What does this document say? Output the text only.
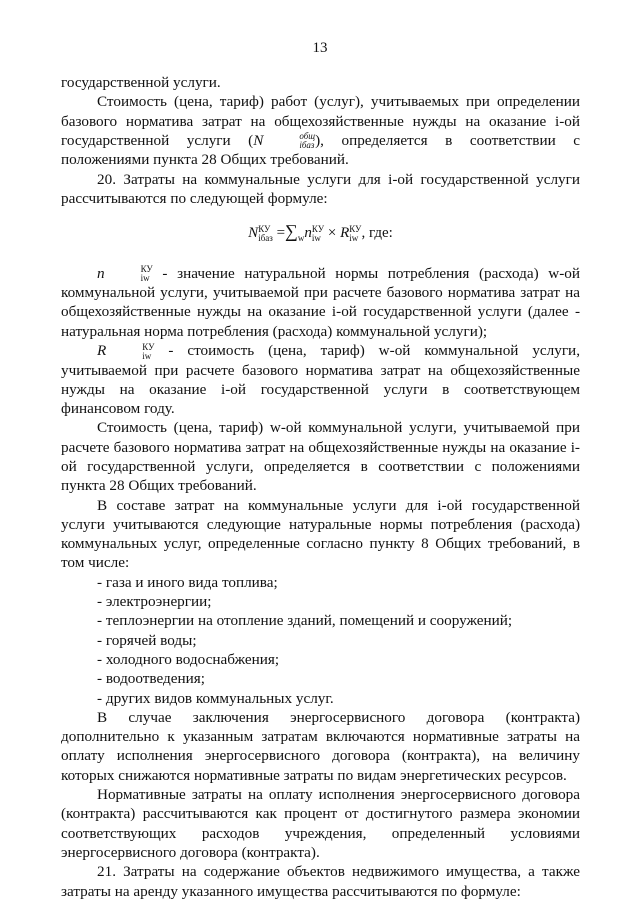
13

государственной услуги.

Стоимость (цена, тариф) работ (услуг), учитываемых при определении базового норматива затрат на общехозяйственные нужды на оказание i-ой государственной услуги (N	общ
iбаз ), определяется в соответствии с положениями пункта 28 Общих требований.

20. Затраты на коммунальные услуги для i-ой государственной услуги рассчитываются по следующей формуле:

N КУ
iбаз $=\sum_wn$ КУ
iw × R КУ
iw , где:

n	КУ
iw - значение натуральной нормы потребления (расхода) w-ой коммунальной услуги, учитываемой при расчете базового норматива затрат на общехозяйственные нужды на оказание i-ой государственной услуги (далее - натуральная норма потребления (расхода) коммунальной услуги);

R	КУ
iw - стоимость (цена, тариф) w-ой коммунальной услуги, учитываемой при расчете базового норматива затрат на общехозяйственные нужды на оказание i-ой государственной услуги в соответствующем финансовом году.

Стоимость (цена, тариф) w-ой коммунальной услуги, учитываемой при расчете базового норматива затрат на общехозяйственные нужды на оказание i-ой государственной услуги, определяется в соответствии с положениями пункта 28 Общих требований.

В составе затрат на коммунальные услуги для i-ой государственной услуги учитываются следующие натуральные нормы потребления (расхода) коммунальных услуг, определенные согласно пункту 8 Общих требований, в том числе:

- газа и иного вида топлива;
- электроэнергии;
- теплоэнергии на отопление зданий, помещений и сооружений;
- горячей воды;
- холодного водоснабжения;
- водоотведения;
- других видов коммунальных услуг.

В случае заключения энергосервисного договора (контракта) дополнительно к указанным затратам включаются нормативные затраты на оплату исполнения энергосервисного договора (контракта), на величину которых снижаются нормативные затраты по видам энергетических ресурсов.

Нормативные затраты на оплату исполнения энергосервисного договора (контракта) рассчитываются как процент от достигнутого размера экономии соответствующих расходов учреждения, определенный условиями энергосервисного договора (контракта).

21. Затраты на содержание объектов недвижимого имущества, а также затраты на аренду указанного имущества рассчитываются по формуле:
